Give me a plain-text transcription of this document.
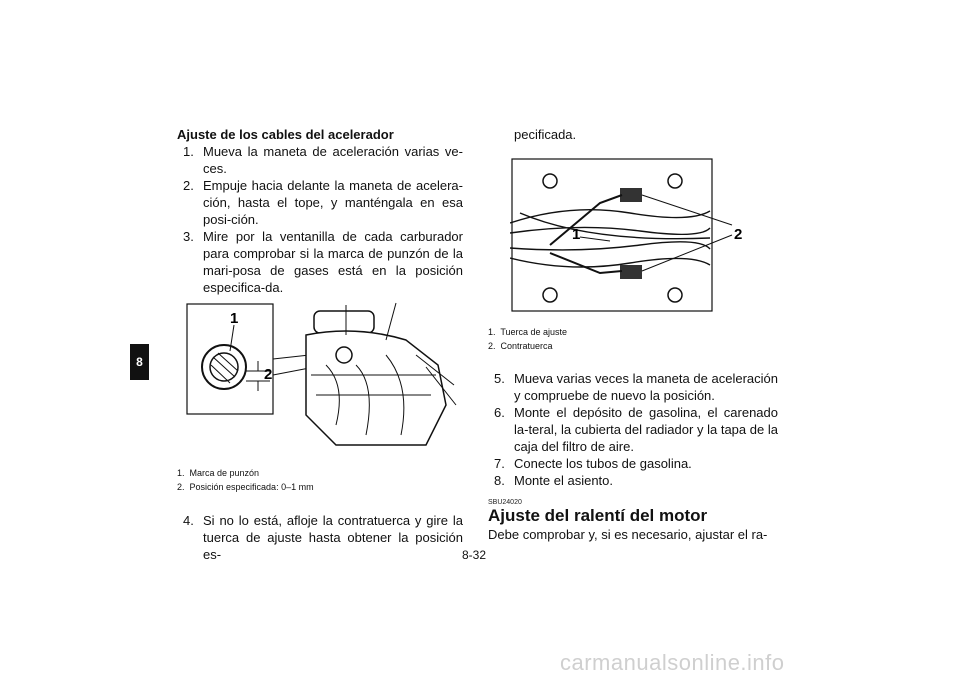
8
Ajuste de los cables del acelerador
1. Mueva la maneta de aceleración varias ve-ces.
2. Empuje hacia delante la maneta de acelera-ción, hasta el tope, y manténgala en esa posi-ción.
3. Mire por la ventanilla de cada carburador para comprobar si la marca de punzón de la mari-posa de gases está en la posición especifica-da.
1
2
1. Marca de punzón
2. Posición especificada: 0–1 mm
4. Si no lo está, afloje la contratuerca y gire la tuerca de ajuste hasta obtener la posición es-
pecificada.
1	2
1. Tuerca de ajuste
2. Contratuerca
5. Mueva varias veces la maneta de aceleración y compruebe de nuevo la posición.
6. Monte el depósito de gasolina, el carenado la-teral, la cubierta del radiador y la tapa de la caja del filtro de aire.
7. Conecte los tubos de gasolina.
8. Monte el asiento.
SBU24020
Ajuste del ralentí del motor
Debe comprobar y, si es necesario, ajustar el ra-
8-32
carmanualsonline.info
